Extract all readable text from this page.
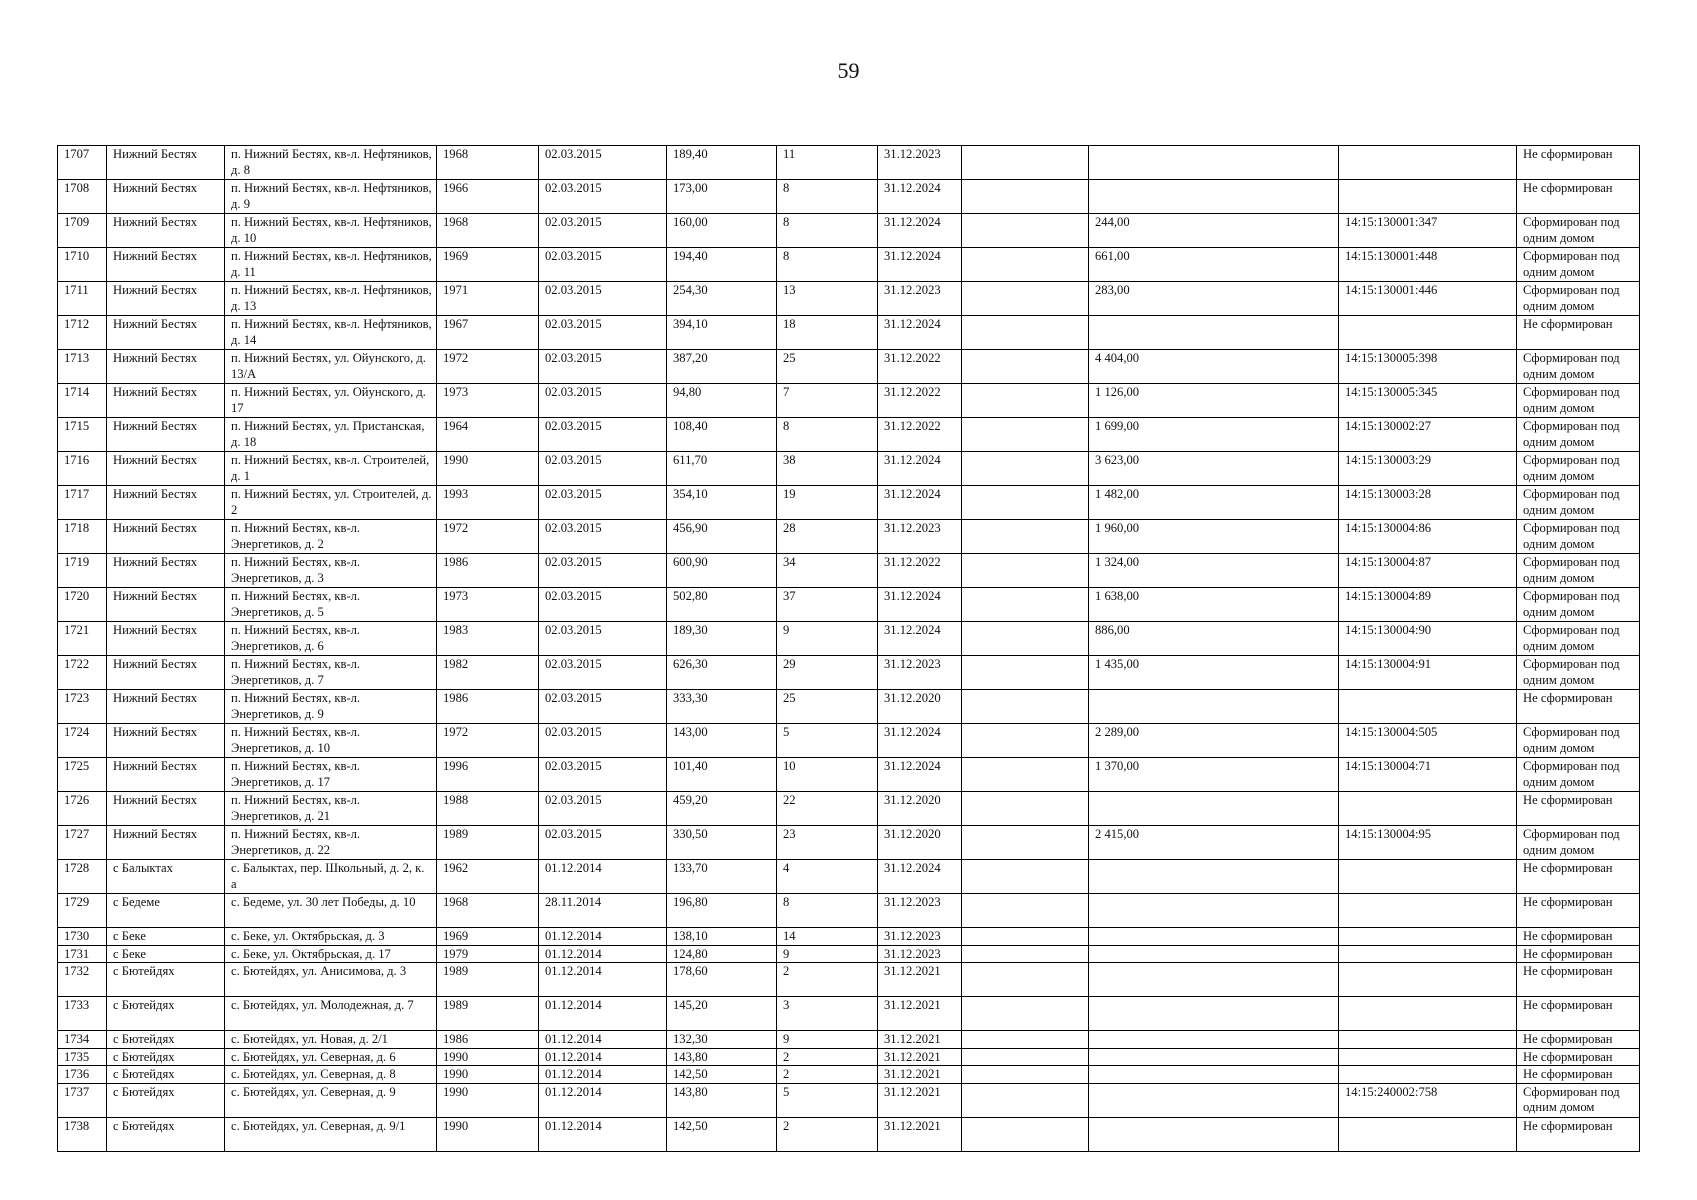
59
1707	Нижний Бестях	п. Нижний Бестях, кв-л. Нефтяников, д. 8	1968	02.03.2015	189,40	11	31.12.2023				Не сформирован
1708	Нижний Бестях	п. Нижний Бестях, кв-л. Нефтяников, д. 9	1966	02.03.2015	173,00	8	31.12.2024				Не сформирован
1709	Нижний Бестях	п. Нижний Бестях, кв-л. Нефтяников, д. 10	1968	02.03.2015	160,00	8	31.12.2024		244,00	14:15:130001:347	Сформирован под одним домом
1710	Нижний Бестях	п. Нижний Бестях, кв-л. Нефтяников, д. 11	1969	02.03.2015	194,40	8	31.12.2024		661,00	14:15:130001:448	Сформирован под одним домом
1711	Нижний Бестях	п. Нижний Бестях, кв-л. Нефтяников, д. 13	1971	02.03.2015	254,30	13	31.12.2023		283,00	14:15:130001:446	Сформирован под одним домом
1712	Нижний Бестях	п. Нижний Бестях, кв-л. Нефтяников, д. 14	1967	02.03.2015	394,10	18	31.12.2024				Не сформирован
1713	Нижний Бестях	п. Нижний Бестях, ул. Ойунского, д. 13/А	1972	02.03.2015	387,20	25	31.12.2022		4 404,00	14:15:130005:398	Сформирован под одним домом
1714	Нижний Бестях	п. Нижний Бестях, ул. Ойунского, д. 17	1973	02.03.2015	94,80	7	31.12.2022		1 126,00	14:15:130005:345	Сформирован под одним домом
1715	Нижний Бестях	п. Нижний Бестях, ул. Пристанская, д. 18	1964	02.03.2015	108,40	8	31.12.2022		1 699,00	14:15:130002:27	Сформирован под одним домом
1716	Нижний Бестях	п. Нижний Бестях, кв-л. Строителей, д. 1	1990	02.03.2015	611,70	38	31.12.2024		3 623,00	14:15:130003:29	Сформирован под одним домом
1717	Нижний Бестях	п. Нижний Бестях, ул. Строителей, д. 2	1993	02.03.2015	354,10	19	31.12.2024		1 482,00	14:15:130003:28	Сформирован под одним домом
1718	Нижний Бестях	п. Нижний Бестях, кв-л. Энергетиков, д. 2	1972	02.03.2015	456,90	28	31.12.2023		1 960,00	14:15:130004:86	Сформирован под одним домом
1719	Нижний Бестях	п. Нижний Бестях, кв-л. Энергетиков, д. 3	1986	02.03.2015	600,90	34	31.12.2022		1 324,00	14:15:130004:87	Сформирован под одним домом
1720	Нижний Бестях	п. Нижний Бестях, кв-л. Энергетиков, д. 5	1973	02.03.2015	502,80	37	31.12.2024		1 638,00	14:15:130004:89	Сформирован под одним домом
1721	Нижний Бестях	п. Нижний Бестях, кв-л. Энергетиков, д. 6	1983	02.03.2015	189,30	9	31.12.2024		886,00	14:15:130004:90	Сформирован под одним домом
1722	Нижний Бестях	п. Нижний Бестях, кв-л. Энергетиков, д. 7	1982	02.03.2015	626,30	29	31.12.2023		1 435,00	14:15:130004:91	Сформирован под одним домом
1723	Нижний Бестях	п. Нижний Бестях, кв-л. Энергетиков, д. 9	1986	02.03.2015	333,30	25	31.12.2020				Не сформирован
1724	Нижний Бестях	п. Нижний Бестях, кв-л. Энергетиков, д. 10	1972	02.03.2015	143,00	5	31.12.2024		2 289,00	14:15:130004:505	Сформирован под одним домом
1725	Нижний Бестях	п. Нижний Бестях, кв-л. Энергетиков, д. 17	1996	02.03.2015	101,40	10	31.12.2024		1 370,00	14:15:130004:71	Сформирован под одним домом
1726	Нижний Бестях	п. Нижний Бестях, кв-л. Энергетиков, д. 21	1988	02.03.2015	459,20	22	31.12.2020				Не сформирован
1727	Нижний Бестях	п. Нижний Бестях, кв-л. Энергетиков, д. 22	1989	02.03.2015	330,50	23	31.12.2020		2 415,00	14:15:130004:95	Сформирован под одним домом
1728	с Балыктах	с. Балыктах, пер. Школьный, д. 2, к. а	1962	01.12.2014	133,70	4	31.12.2024				Не сформирован
1729	с Бедеме	с. Бедеме, ул. 30 лет Победы, д. 10	1968	28.11.2014	196,80	8	31.12.2023				Не сформирован
1730	с Беке	с. Беке, ул. Октябрьская, д. 3	1969	01.12.2014	138,10	14	31.12.2023				Не сформирован
1731	с Беке	с. Беке, ул. Октябрьская, д. 17	1979	01.12.2014	124,80	9	31.12.2023				Не сформирован
1732	с Бютейдях	с. Бютейдях, ул. Анисимова, д. 3	1989	01.12.2014	178,60	2	31.12.2021				Не сформирован
1733	с Бютейдях	с. Бютейдях, ул. Молодежная, д. 7	1989	01.12.2014	145,20	3	31.12.2021				Не сформирован
1734	с Бютейдях	с. Бютейдях, ул. Новая, д. 2/1	1986	01.12.2014	132,30	9	31.12.2021				Не сформирован
1735	с Бютейдях	с. Бютейдях, ул. Северная, д. 6	1990	01.12.2014	143,80	2	31.12.2021				Не сформирован
1736	с Бютейдях	с. Бютейдях, ул. Северная, д. 8	1990	01.12.2014	142,50	2	31.12.2021				Не сформирован
1737	с Бютейдях	с. Бютейдях, ул. Северная, д. 9	1990	01.12.2014	143,80	5	31.12.2021			14:15:240002:758	Сформирован под одним домом
1738	с Бютейдях	с. Бютейдях, ул. Северная, д. 9/1	1990	01.12.2014	142,50	2	31.12.2021				Не сформирован
